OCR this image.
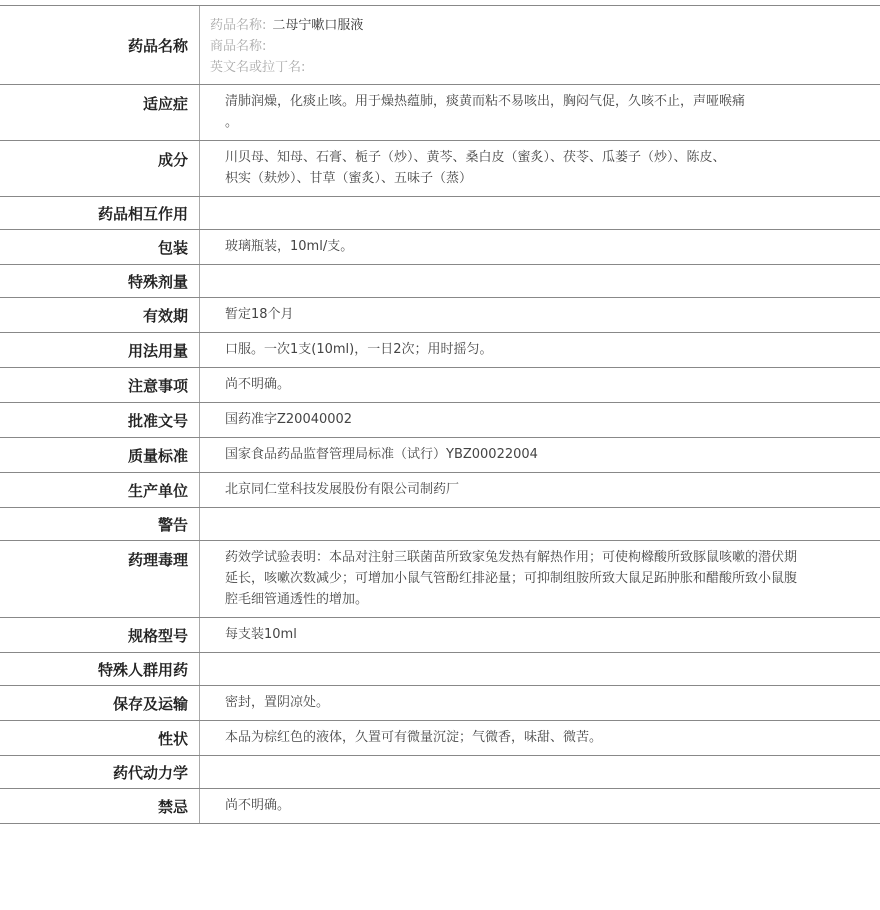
药品名称
药品名称: 二母宁嗽口服液
商品名称:
英文名或拉丁名:
适应症	清肺润燥，化痰止咳。用于燥热蕴肺，痰黄而粘不易咳出，胸闷气促，久咳不止，声哑喉痛
。
成分	川贝母、知母、石膏、栀子（炒）、黄芩、桑白皮（蜜炙）、茯苓、瓜蒌子（炒）、陈皮、
枳实（麸炒）、甘草（蜜炙）、五味子（蒸）
药品相互作用
包装	玻璃瓶装，10ml/支。
特殊剂量
有效期	暂定18个月
用法用量	口服。一次1支(10ml)，一日2次；用时摇匀。
注意事项	尚不明确。
批准文号	国药准字Z20040002
质量标准	国家食品药品监督管理局标准（试行）YBZ00022004
生产单位	北京同仁堂科技发展股份有限公司制药厂
警告
药理毒理	药效学试验表明：本品对注射三联菌苗所致家兔发热有解热作用；可使枸橼酸所致豚鼠咳嗽的潜伏期延长，咳嗽次数减少；可增加小鼠气管酚红排泌量；可抑制组胺所致大鼠足跖肿胀和醋酸所致小鼠腹腔毛细管通透性的增加。
规格型号	每支装10ml
特殊人群用药
保存及运输	密封，置阴凉处。
性状	本品为棕红色的液体，久置可有微量沉淀；气微香，味甜、微苦。
药代动力学
禁忌	尚不明确。
